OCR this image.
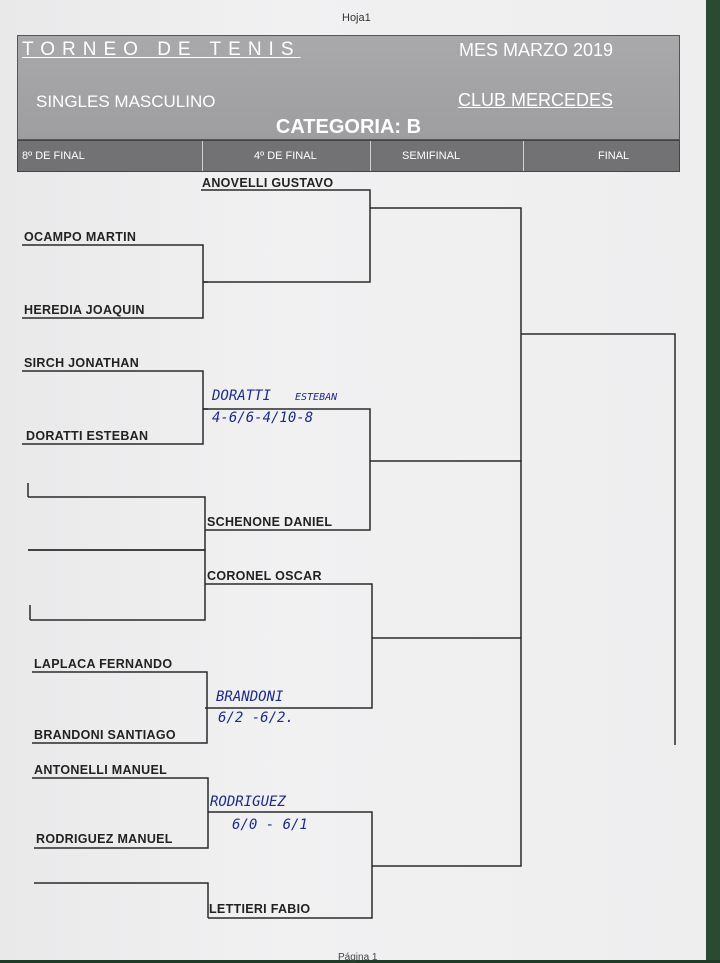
Hoja1
TORNEO DE TENIS	MES MARZO 2019
SINGLES MASCULINO	CLUB MERCEDES
CATEGORIA: B
8º DE FINAL	4º DE FINAL	SEMIFINAL	FINAL
ANOVELLI GUSTAVO
OCAMPO MARTIN
HEREDIA JOAQUIN
SIRCH JONATHAN
DORATTI ESTEBAN
SCHENONE DANIEL
CORONEL OSCAR
LAPLACA FERNANDO
BRANDONI SANTIAGO
ANTONELLI MANUEL
RODRIGUEZ MANUEL
LETTIERI FABIO
DORATTI ESTEBAN
4-6/6-4/10-8
BRANDONI
6/2 -6/2.
RODRIGUEZ
6/0 - 6/1
Página 1
